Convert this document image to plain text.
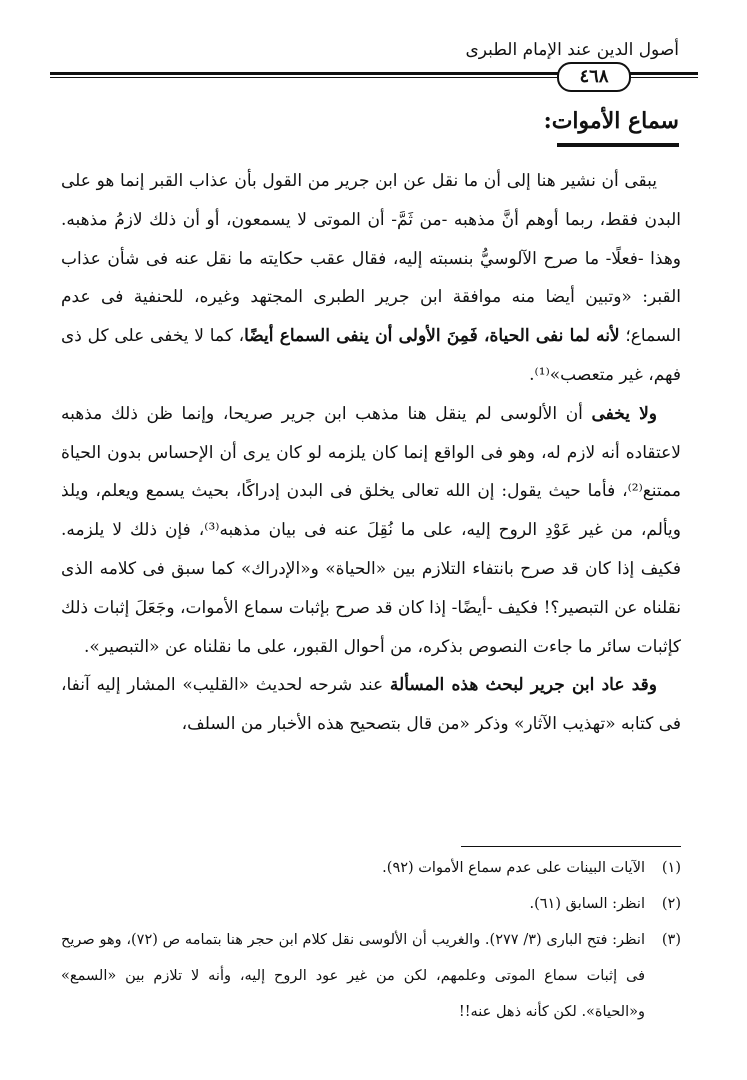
أصول الدين عند الإمام الطبرى
٤٦٨
سماع الأموات:

يبقى أن نشير هنا إلى أن ما نقل عن ابن جرير من القول بأن عذاب القبر إنما هو على البدن فقط، ربما أوهم أنَّ مذهبه -من ثَمَّ- أن الموتى لا يسمعون، أو أن ذلك لازمُ مذهبه. وهذا -فعلًا- ما صرح الآلوسيُّ بنسبته إليه، فقال عقب حكايته ما نقل عنه فى شأن عذاب القبر: «وتبين أيضا منه موافقة ابن جرير الطبرى المجتهد وغيره، للحنفية فى عدم السماع؛ لأنه لما نفى الحياة، فَمِنَ الأولى أن ينفى السماع أيضًا، كما لا يخفى على كل ذى فهم، غير متعصب»⁽¹⁾.

ولا يخفى أن الألوسى لم ينقل هنا مذهب ابن جرير صريحا، وإنما ظن ذلك مذهبه لاعتقاده أنه لازم له، وهو فى الواقع إنما كان يلزمه لو كان يرى أن الإحساس بدون الحياة ممتنع⁽²⁾، فأما حيث يقول: إن الله تعالى يخلق فى البدن إدراكًا، بحيث يسمع ويعلم، ويلذ ويألم، من غير عَوْدِ الروح إليه، على ما نُقِلَ عنه فى بيان مذهبه⁽³⁾، فإن ذلك لا يلزمه. فكيف إذا كان قد صرح بانتفاء التلازم بين «الحياة» و«الإدراك» كما سبق فى كلامه الذى نقلناه عن التبصير؟! فكيف -أيضًا- إذا كان قد صرح بإثبات سماع الأموات، وجَعَلَ إثبات ذلك كإثبات سائر ما جاءت النصوص بذكره، من أحوال القبور، على ما نقلناه عن «التبصير».

وقد عاد ابن جرير لبحث هذه المسألة عند شرحه لحديث «القليب» المشار إليه آنفا، فى كتابه «تهذيب الآثار» وذكر «من قال بتصحيح هذه الأخبار من السلف،

(١)الآيات البينات على عدم سماع الأموات (٩٢).

(٢)انظر: السابق (٦١).

(٣)انظر: فتح البارى (٣/ ٢٧٧). والغريب أن الألوسى نقل كلام ابن حجر هنا بتمامه ص (٧٢)، وهو صريح فى إثبات سماع الموتى وعلمهم، لكن من غير عود الروح إليه، وأنه لا تلازم بين «السمع» و«الحياة». لكن كأنه ذهل عنه!!
